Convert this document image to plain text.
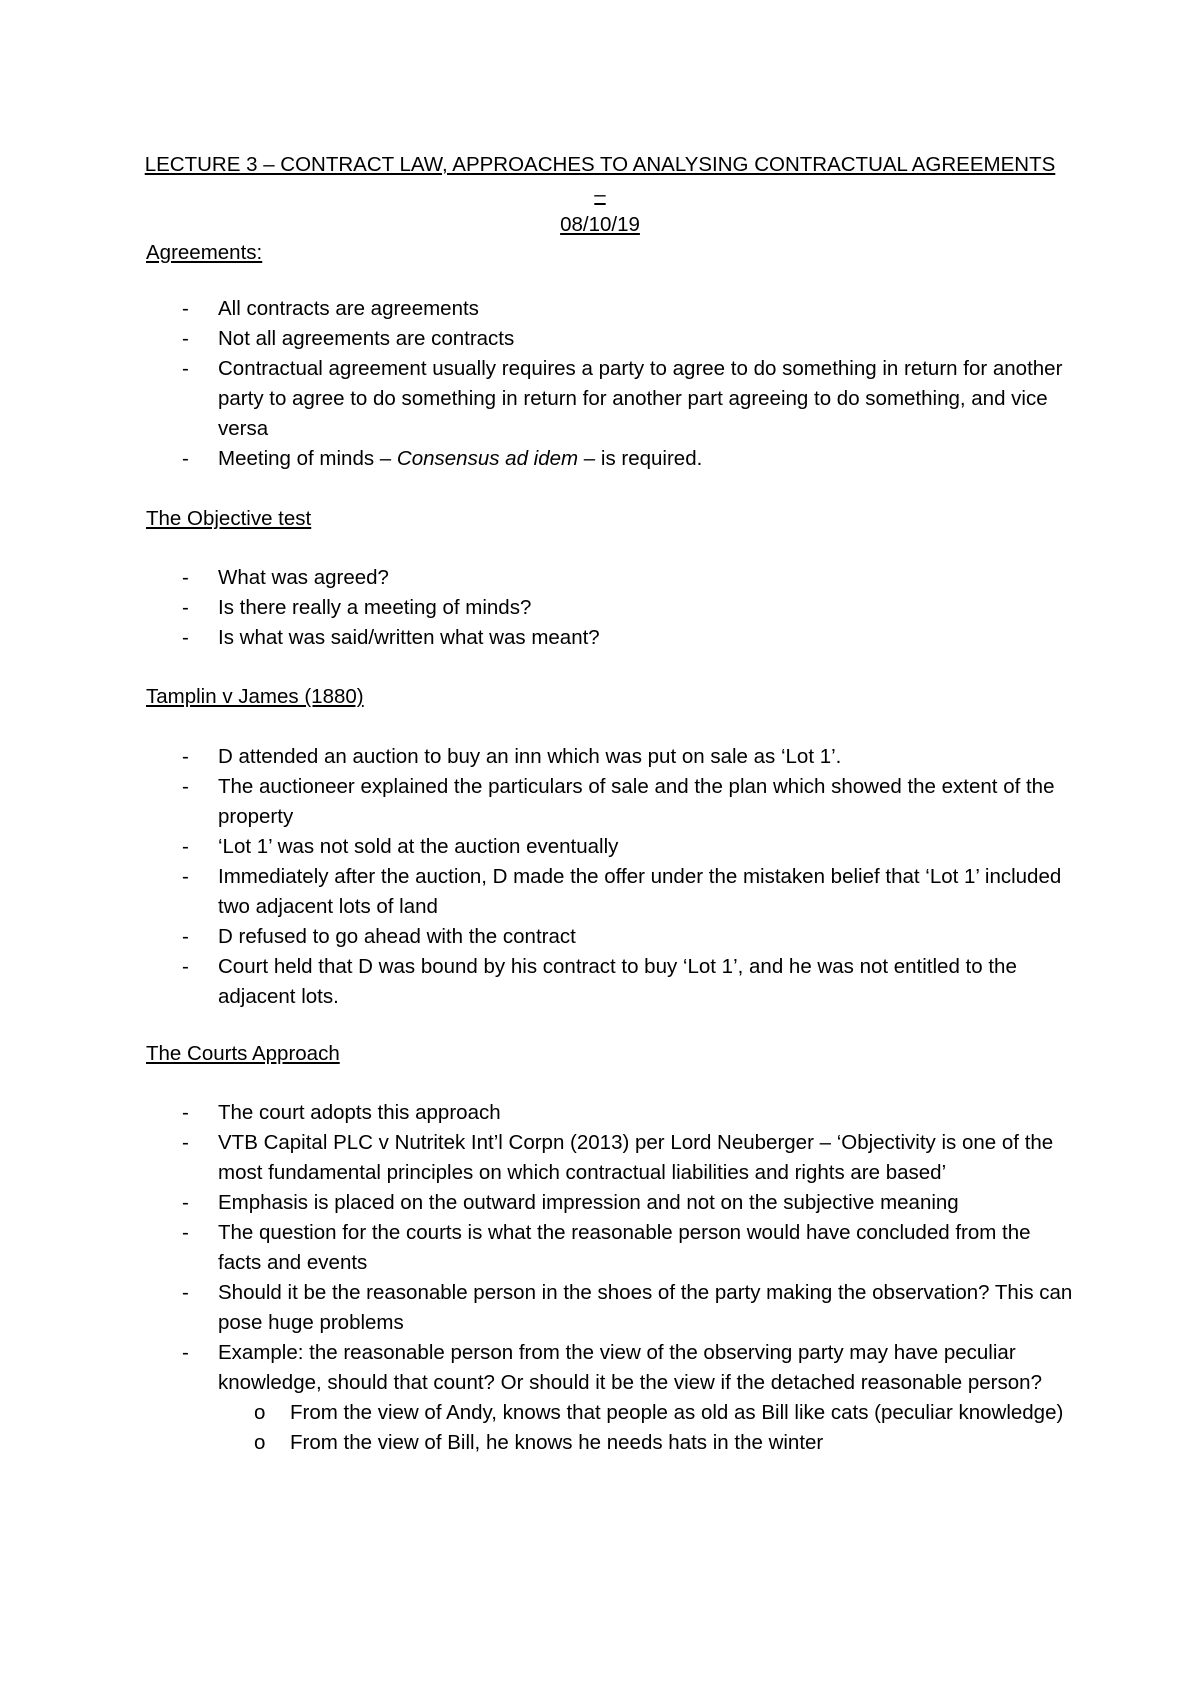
LECTURE 3 – CONTRACT LAW, APPROACHES TO ANALYSING CONTRACTUAL AGREEMENTS –
08/10/19
Agreements:
- All contracts are agreements
- Not all agreements are contracts
- Contractual agreement usually requires a party to agree to do something in return for another party to agree to do something in return for another part agreeing to do something, and vice versa
- Meeting of minds – Consensus ad idem – is required.
The Objective test
- What was agreed?
- Is there really a meeting of minds?
- Is what was said/written what was meant?
Tamplin v James (1880)
- D attended an auction to buy an inn which was put on sale as ‘Lot 1’.
- The auctioneer explained the particulars of sale and the plan which showed the extent of the property
- ‘Lot 1’ was not sold at the auction eventually
- Immediately after the auction, D made the offer under the mistaken belief that ‘Lot 1’ included two adjacent lots of land
- D refused to go ahead with the contract
- Court held that D was bound by his contract to buy ‘Lot 1’, and he was not entitled to the adjacent lots.
The Courts Approach
- The court adopts this approach
- VTB Capital PLC v Nutritek Int’l Corpn (2013) per Lord Neuberger – ‘Objectivity is one of the most fundamental principles on which contractual liabilities and rights are based’
- Emphasis is placed on the outward impression and not on the subjective meaning
- The question for the courts is what the reasonable person would have concluded from the facts and events
- Should it be the reasonable person in the shoes of the party making the observation? This can pose huge problems
- Example: the reasonable person from the view of the observing party may have peculiar knowledge, should that count? Or should it be the view if the detached reasonable person?
o From the view of Andy, knows that people as old as Bill like cats (peculiar knowledge)
o From the view of Bill, he knows he needs hats in the winter
